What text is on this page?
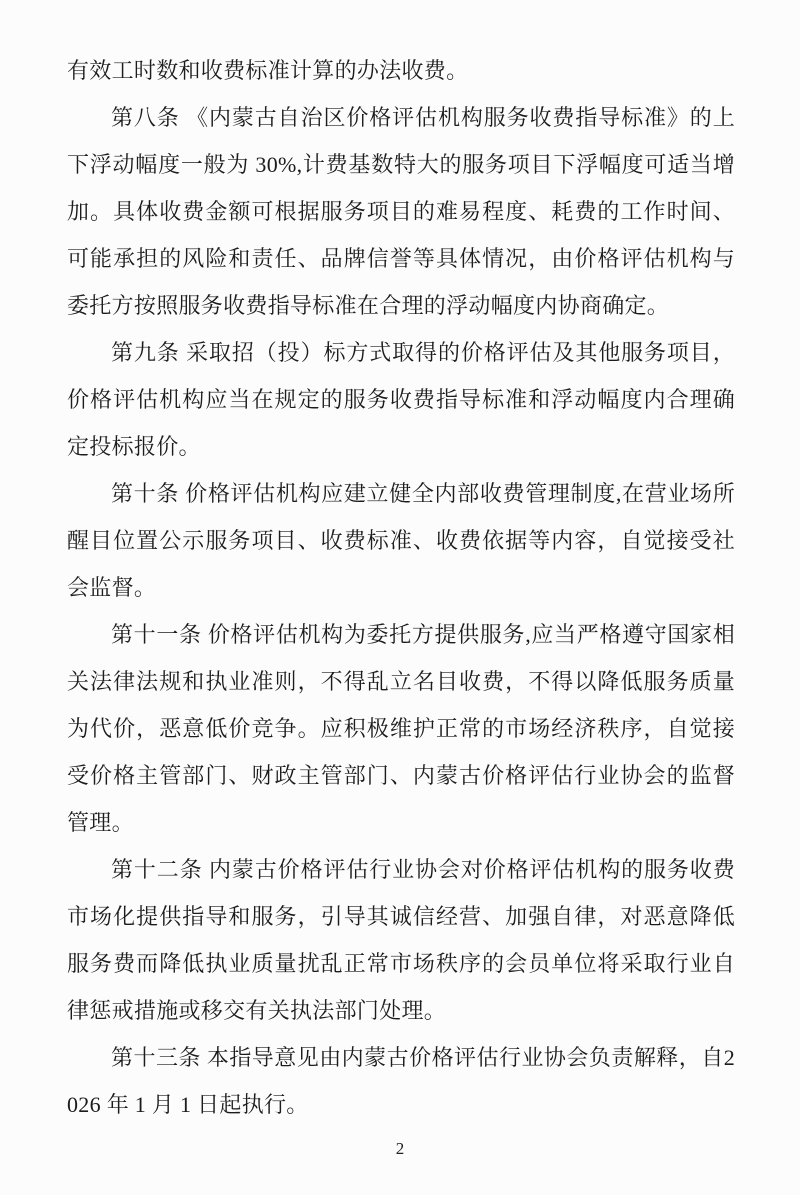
有效工时数和收费标准计算的办法收费。

第八条 《内蒙古自治区价格评估机构服务收费指导标准》的上下浮动幅度一般为 30%,计费基数特大的服务项目下浮幅度可适当增加。具体收费金额可根据服务项目的难易程度、耗费的工作时间、可能承担的风险和责任、品牌信誉等具体情况，由价格评估机构与委托方按照服务收费指导标准在合理的浮动幅度内协商确定。

第九条 采取招（投）标方式取得的价格评估及其他服务项目，价格评估机构应当在规定的服务收费指导标准和浮动幅度内合理确定投标报价。

第十条 价格评估机构应建立健全内部收费管理制度,在营业场所醒目位置公示服务项目、收费标准、收费依据等内容，自觉接受社会监督。

第十一条 价格评估机构为委托方提供服务,应当严格遵守国家相关法律法规和执业准则，不得乱立名目收费，不得以降低服务质量为代价，恶意低价竞争。应积极维护正常的市场经济秩序，自觉接受价格主管部门、财政主管部门、内蒙古价格评估行业协会的监督管理。

第十二条 内蒙古价格评估行业协会对价格评估机构的服务收费市场化提供指导和服务，引导其诚信经营、加强自律，对恶意降低服务费而降低执业质量扰乱正常市场秩序的会员单位将采取行业自律惩戒措施或移交有关执法部门处理。

第十三条 本指导意见由内蒙古价格评估行业协会负责解释，自2026 年 1 月 1 日起执行。

2
